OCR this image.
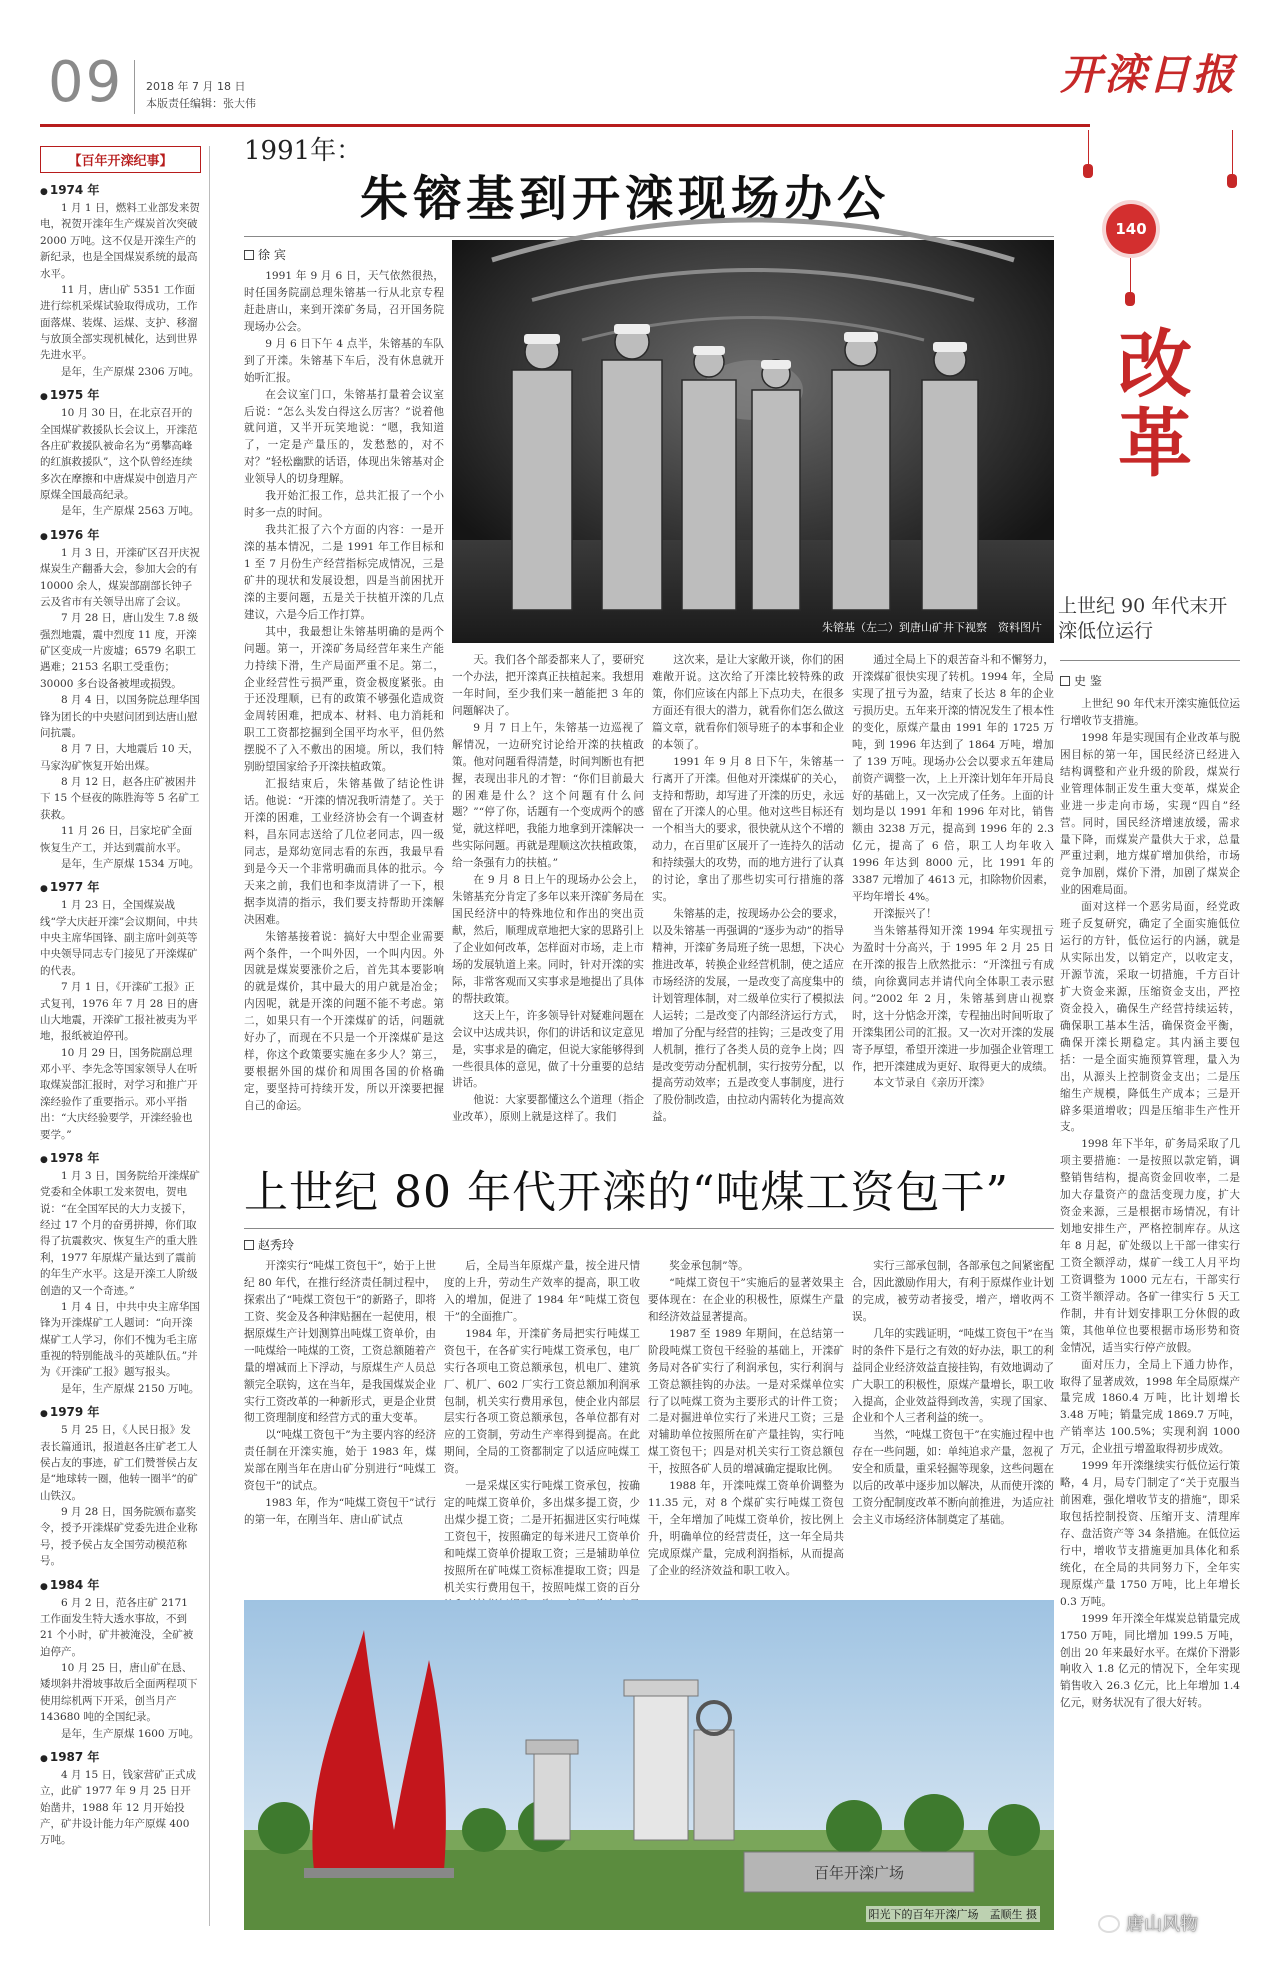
09 2018 年 7 月 18 日
本版责任编辑：张大伟
开滦日报
【百年开滦纪事】
● 1974 年

1 月 1 日，燃料工业部发来贺电，祝贺开滦年生产煤炭首次突破 2000 万吨。这不仅是开滦生产的新纪录，也是全国煤炭系统的最高水平。

11 月，唐山矿 5351 工作面进行综机采煤试验取得成功，工作面落煤、装煤、运煤、支护、移溜与放顶全部实现机械化，达到世界先进水平。

是年，生产原煤 2306 万吨。

● 1975 年

10 月 30 日，在北京召开的全国煤矿救援队长会议上，开滦范各庄矿救援队被命名为“勇攀高峰的红旗救援队”，这个队曾经连续多次在摩擦和中唐煤炭中创造月产原煤全国最高纪录。

是年，生产原煤 2563 万吨。

● 1976 年

1 月 3 日，开滦矿区召开庆祝煤炭生产翻番大会，参加大会的有 10000 余人，煤炭部副部长钟子云及省市有关领导出席了会议。

7 月 28 日，唐山发生 7.8 级强烈地震，震中烈度 11 度，开滦矿区变成一片废墟；6579 名职工遇难；2153 名职工受重伤；30000 多台设备被埋或损毁。

8 月 4 日，以国务院总理华国锋为团长的中央慰问团到达唐山慰问抗震。

8 月 7 日，大地震后 10 天，马家沟矿恢复开始出煤。

8 月 12 日，赵各庄矿被困井下 15 个昼夜的陈胜海等 5 名矿工获救。

11 月 26 日，吕家坨矿全面恢复生产工，并达到震前水平。

是年，生产原煤 1534 万吨。

● 1977 年

1 月 23 日，全国煤炭战线“学大庆赶开滦”会议期间，中共中央主席华国锋、副主席叶剑英等中央领导同志专门接见了开滦煤矿的代表。

7 月 1 日，《开滦矿工报》正式复刊，1976 年 7 月 28 日的唐山大地震，开滦矿工报社被夷为平地，报纸被迫停刊。

10 月 29 日，国务院副总理邓小平、李先念等国家领导人在听取煤炭部汇报时，对学习和推广开滦经验作了重要指示。邓小平指出：“大庆经验要学，开滦经验也要学。”

● 1978 年

1 月 3 日，国务院给开滦煤矿党委和全体职工发来贺电，贺电说：“在全国军民的大力支援下，经过 17 个月的奋勇拼搏，你们取得了抗震救灾、恢复生产的重大胜利，1977 年原煤产量达到了震前的年生产水平。这是开滦工人阶级创造的又一个奇迹。”

1 月 4 日，中共中央主席华国锋为开滦煤矿工人题词：“向开滦煤矿工人学习，你们不愧为毛主席重视的特别能战斗的英雄队伍。”并为《开滦矿工报》题写报头。

是年，生产原煤 2150 万吨。

● 1979 年

5 月 25 日，《人民日报》发表长篇通讯，报道赵各庄矿老工人侯占友的事迹，矿工们赞誉侯占友是“地球转一圈，他转一圈半”的矿山铁汉。

9 月 28 日，国务院颁布嘉奖令，授予开滦煤矿党委先进企业称号，授予侯占友全国劳动模范称号。

● 1984 年

6 月 2 日，范各庄矿 2171 工作面发生特大透水事故，不到 21 个小时，矿井被淹没，全矿被迫停产。

10 月 25 日，唐山矿在恳、矮坝斜井滑坡事故后全面两程项下使用综机两下开采，创当月产 143680 吨的全国纪录。

是年，生产原煤 1600 万吨。

● 1987 年

4 月 15 日，钱家营矿正式成立，此矿 1977 年 9 月 25 日开始凿井，1988 年 12 月开始投产，矿井设计能力年产原煤 400 万吨。

1991年：
朱镕基到开滦现场办公
徐 宾

1991 年 9 月 6 日，天气依然很热，时任国务院副总理朱镕基一行从北京专程赶赴唐山，来到开滦矿务局，召开国务院现场办公会。

9 月 6 日下午 4 点半，朱镕基的车队到了开滦。朱镕基下车后，没有休息就开始听汇报。

在会议室门口，朱镕基打量着会议室后说：“怎么头发白得这么厉害？”说着他就问道，又半开玩笑地说：“嗯，我知道了，一定是产量压的，发愁愁的，对不对？”轻松幽默的话语，体现出朱镕基对企业领导人的切身理解。

我开始汇报工作，总共汇报了一个小时多一点的时间。

我共汇报了六个方面的内容：一是开滦的基本情况，二是 1991 年工作目标和 1 至 7 月份生产经营指标完成情况，三是矿井的现状和发展设想，四是当前困扰开滦的主要问题，五是关于扶植开滦的几点建议，六是今后工作打算。

其中，我最想让朱镕基明确的是两个问题。第一，开滦矿务局经营年来生产能力持续下滑，生产局面严重不足。第二，企业经营性亏损严重，资金极度紧张。由于还没理顺，已有的政策不够强化造成资金周转困难，把成本、材料、电力消耗和职工工资都挖掘到全国平均水平，但仍然摆脱不了入不敷出的困境。所以，我们特别盼望国家给予开滦扶植政策。

汇报结束后，朱镕基做了结论性讲话。他说：“开滦的情况我听清楚了。关于开滦的困难，工业经济协会有一个调查材料，昌东同志送给了几位老同志，四一级同志，是郑幼宽同志看的东西，我最早看到是今天一个非常明确而具体的批示。今天来之前，我们也和李岚清讲了一下，根据李岚清的指示，我们要支持帮助开滦解决困难。

朱镕基接着说：搞好大中型企业需要两个条件，一个叫外因，一个叫内因。外因就是煤炭要涨价之后，首先其本要影响的就是煤价，其中最大的用户就是冶金；内因呢，就是开滦的问题不能不考虑。第二，如果只有一个开滦煤矿的话，问题就好办了，而现在不只是一个开滦煤矿是这样，你这个政策要实施在多少人？第三，要根据外国的煤价和周围各国的价格确定，要坚持可持续开发，所以开滦要把握自己的命运。

朱镕基（左二）到唐山矿井下视察　资料图片

天。我们各个部委都来人了，要研究一个办法，把开滦真正扶植起来。我想用一年时间，至少我们来一趟能把 3 年的问题解决了。

9 月 7 日上午，朱镕基一边巡视了解情况，一边研究讨论给开滦的扶植政策。他对问题看得清楚，时间判断也有把握，表现出非凡的才智：“你们目前最大的困难是什么？这个问题有什么问题？”“停了你，话题有一个变成两个的感觉，就这样吧，我能力地拿到开滦解决一些实际问题。再就是理顺这次扶植政策，给一条强有力的扶植。”

在 9 月 8 日上午的现场办公会上，朱镕基充分肯定了多年以来开滦矿务局在国民经济中的特殊地位和作出的突出贡献，然后，顺理成章地把大家的思路引上了企业如何改革，怎样面对市场，走上市场的发展轨道上来。同时，针对开滦的实际，非常客观而又实事求是地提出了具体的帮扶政策。

这天上午，许多领导针对疑难问题在会议中达成共识，你们的讲话和议定意见是，实事求是的确定，但说大家能够得到一些很具体的意见，做了十分重要的总结讲话。

他说：大家要都懂这么个道理（指企业改革），原则上就是这样了。我们

这次来，是让大家敞开谈，你们的困难敞开说。这次给了开滦比较特殊的政策，你们应该在内部上下点功夫，在很多方面还有很大的潜力，就看你们怎么做这篇文章，就看你们领导班子的本事和企业的本领了。

1991 年 9 月 8 日下午，朱镕基一行离开了开滦。但他对开滦煤矿的关心，支持和帮助，却写进了开滦的历史，永远留在了开滦人的心里。他对这些目标还有一个相当大的要求，很快就从这个不增的动力，在百里矿区展开了一连持久的活动和持续强大的攻势，而的地方进行了认真的讨论，拿出了那些切实可行措施的落实。

朱镕基的走，按现场办公会的要求，以及朱镕基一再强调的“逐步为动”的指导精神，开滦矿务局班子统一思想，下决心推进改革，转换企业经营机制，使之适应市场经济的发展，一是改变了高度集中的计划管理体制，对二级单位实行了模拟法人运转；二是改变了内部经济运行方式，增加了分配与经营的挂钩；三是改变了用人机制，推行了各类人员的竞争上岗；四是改变劳动分配机制，实行按劳分配，以提高劳动效率；五是改变人事制度，进行了股份制改造，由拉动内需转化为提高效益。

通过全局上下的艰苦奋斗和不懈努力，开滦煤矿很快实现了转机。1994 年，全局实现了扭亏为盈，结束了长达 8 年的企业亏损历史。五年来开滦的情况发生了根本性的变化，原煤产量由 1991 年的 1725 万吨，到 1996 年达到了 1864 万吨，增加了 139 万吨。现场办公会以要求五年建局前资产调整一次，上上开滦计划年年开局良好的基础上，又一次完成了任务。上面的计划均是以 1991 年和 1996 年对比，销售额由 3238 万元，提高到 1996 年的 2.3 亿元，提高了 6 倍，职工人均年收入 1996 年达到 8000 元，比 1991 年的 3387 元增加了 4613 元，扣除物价因素，平均年增长 4%。

开滦振兴了！

当朱镕基得知开滦 1994 年实现扭亏为盈时十分高兴，于 1995 年 2 月 25 日在开滦的报告上欣然批示：“开滦扭亏有成绩，向徐冀同志并请代向全体职工表示慰问。”2002 年 2 月，朱镕基到唐山视察时，这十分惦念开滦，专程抽出时间听取了开滦集团公司的汇报。又一次对开滦的发展寄予厚望，希望开滦进一步加强企业管理工作，把开滦建成为更好、取得更大的成绩。

本文节录自《亲历开滦》

上世纪 80 年代开滦的“吨煤工资包干”
赵秀玲

开滦实行“吨煤工资包干”，始于上世纪 80 年代，在推行经济责任制过程中，探索出了“吨煤工资包干”的新路子，即将工资、奖金及各种津贴捆在一起使用，根据原煤生产计划测算出吨煤工资单价，由一吨煤给一吨煤的工资，工资总额随着产量的增减而上下浮动，与原煤生产人员总额完全联钩，这在当年，是我国煤炭企业实行工资改革的一种新形式，更是企业贯彻工资理制度和经营方式的重大变革。

以“吨煤工资包干”为主要内容的经济责任制在开滦实施，始于 1983 年，煤炭部在刚当年在唐山矿分别进行“吨煤工资包干”的试点。

1983 年，作为“吨煤工资包干”试行的第一年，在刚当年、唐山矿试点

后，全局当年原煤产量，按全进尺情度的上升，劳动生产效率的提高，职工收入的增加，促进了 1984 年“吨煤工资包干”的全面推广。

1984 年，开滦矿务局把实行吨煤工资包干，在各矿实行吨煤工资承包，电厂实行各项电工资总额承包，机电厂、建筑厂、机厂、602 厂实行工资总额加利润承包制，机关实行费用承包，使企业内部层层实行各项工资总额承包，各单位都有对应的工资制，劳动生产率得到提高。在此期间，全局的工资都制定了以适应吨煤工资。

一是采煤区实行吨煤工资承包，按确定的吨煤工资单价，多出煤多提工资，少出煤少提工资；二是开拓掘进区实行吨煤工资包干，按照确定的每米进尺工资单价和吨煤工资单价提取工资；三是辅助单位按照所在矿吨煤工资标准提取工资；四是机关实行费用包干，按照吨煤工资的百分

奖金承包制”等。

“吨煤工资包干”实施后的显著效果主要体现在：在企业的积极性，原煤生产量和经济效益显著提高。

1987 至 1989 年期间，在总结第一阶段吨煤工资包干经验的基础上，开滦矿务局对各矿实行了利润承包，实行利润与工资总额挂钩的办法。一是对采煤单位实行了以吨煤工资为主要形式的计件工资；二是对掘进单位实行了米进尺工资；三是对辅助单位按照所在矿产量挂钩，实行吨煤工资包干；四是对机关实行工资总额包干，按照各矿人员的增减确定提取比例。

1988 年，开滦吨煤工资单价调整为 11.35 元，对 8 个煤矿实行吨煤工资包干，全年增加了吨煤工资单价，按比例上升，明确单位的经营责任，这一年全局共完成原煤产量，完成利润指标，从而提高了企业的经济效益和职工收入。

实行三部承包制，各部承包之间紧密配合，因此激励作用大，有利于原煤作业计划的完成，被劳动者接受，增产，增收两不误。

几年的实践证明，“吨煤工资包干”在当时的条件下是行之有效的好办法，职工的利益同企业经济效益直接挂钩，有效地调动了广大职工的积极性，原煤产量增长，职工收入提高，企业效益得到改善，实现了国家、企业和个人三者利益的统一。

当然，“吨煤工资包干”在实施过程中也存在一些问题，如：单纯追求产量，忽视了安全和质量，重采轻掘等现象，这些问题在以后的改革中逐步加以解决，从而使开滦的工资分配制度改革不断向前推进，为适应社会主义市场经济体制奠定了基础。

百年开滦广场
阳光下的百年开滦广场　孟顺生 摄
140
改
革
上世纪 90 年代末开滦低位运行
史 鉴

上世纪 90 年代末开滦实施低位运行增收节支措施。

1998 年是实现国有企业改革与脱困目标的第一年，国民经济已经进入结构调整和产业升级的阶段，煤炭行业管理体制正发生重大变革，煤炭企业进一步走向市场，实现“四自”经营。同时，国民经济增速放缓，需求量下降，而煤炭产量供大于求，总量严重过剩，地方煤矿增加供给，市场竞争加剧，煤价下滑，加剧了煤炭企业的困难局面。

面对这样一个恶劣局面，经党政班子反复研究，确定了全面实施低位运行的方针，低位运行的内涵，就是从实际出发，以销定产，以收定支，开源节流，采取一切措施，千方百计扩大资金来源，压缩资金支出，严控资金投入，确保生产经营持续运转，确保职工基本生活，确保资金平衡，确保开滦长期稳定。其内涵主要包括：一是全面实施预算管理，量入为出，从源头上控制资金支出；二是压缩生产规模，降低生产成本；三是开辟多渠道增收；四是压缩非生产性开支。

1998 年下半年，矿务局采取了几项主要措施：一是按照以款定销，调整销售结构，提高资金回收率，二是加大存量资产的盘活变现力度，扩大资金来源，三是根据市场情况，有计划地安排生产，严格控制库存。从这年 8 月起，矿处级以上干部一律实行工资全额浮动，煤矿一线工人月平均工资调整为 1000 元左右，干部实行工资半额浮动。各矿一律实行 5 天工作制，井有计划安排职工分休假的政策，其他单位也要根据市场形势和资金情况，适当实行停产放假。

面对压力，全局上下通力协作，取得了显著成效，1998 年全局原煤产量完成 1860.4 万吨，比计划增长 3.48 万吨；销量完成 1869.7 万吨，产销率达 100.5%；实现利润 1000 万元，企业扭亏增盈取得初步成效。

1999 年开滦继续实行低位运行策略，4 月，局专门制定了“关于克服当前困难，强化增收节支的措施”，即采取包括控制投资、压缩开支、清理库存、盘活资产等 34 条措施。在低位运行中，增收节支措施更加具体化和系统化，在全局的共同努力下，全年实现原煤产量 1750 万吨，比上年增长 0.3 万吨。

1999 年开滦全年煤炭总销量完成 1750 万吨，同比增加 199.5 万吨，创出 20 年来最好水平。在煤价下滑影响收入 1.8 亿元的情况下，全年实现销售收入 26.3 亿元，比上年增加 1.4 亿元，财务状况有了很大好转。

唐山风物
